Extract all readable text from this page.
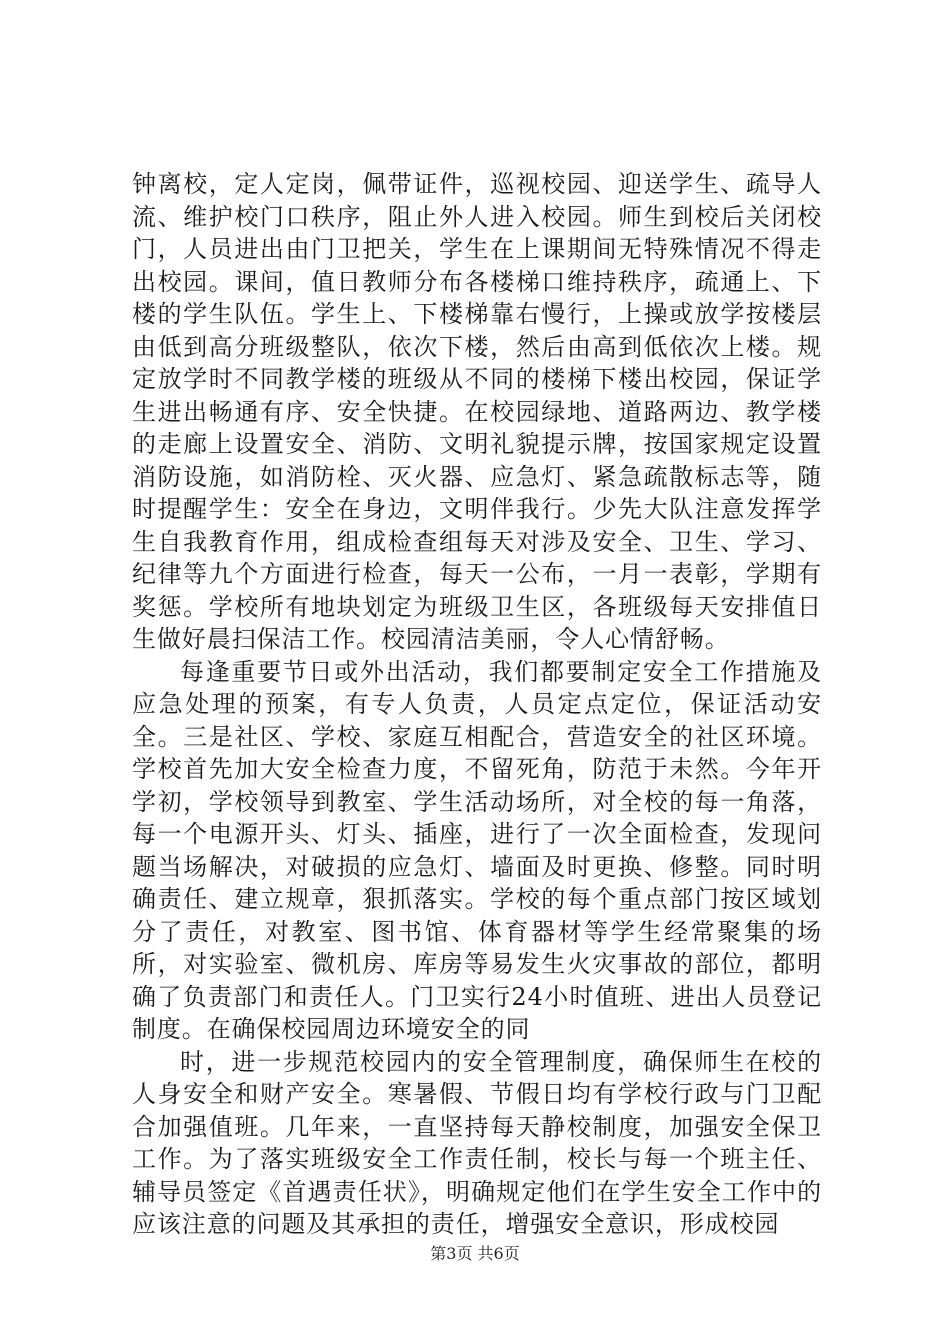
钟离校，定人定岗，佩带证件，巡视校园、迎送学生、疏导人流、维护校门口秩序，阻止外人进入校园。师生到校后关闭校门，人员进出由门卫把关，学生在上课期间无特殊情况不得走出校园。课间，值日教师分布各楼梯口维持秩序，疏通上、下楼的学生队伍。学生上、下楼梯靠右慢行，上操或放学按楼层由低到高分班级整队，依次下楼，然后由高到低依次上楼。规定放学时不同教学楼的班级从不同的楼梯下楼出校园，保证学生进出畅通有序、安全快捷。在校园绿地、道路两边、教学楼的走廊上设置安全、消防、文明礼貌提示牌，按国家规定设置消防设施，如消防栓、灭火器、应急灯、紧急疏散标志等，随时提醒学生：安全在身边，文明伴我行。少先大队注意发挥学生自我教育作用，组成检查组每天对涉及安全、卫生、学习、纪律等九个方面进行检查，每天一公布，一月一表彰，学期有奖惩。学校所有地块划定为班级卫生区，各班级每天安排值日生做好晨扫保洁工作。校园清洁美丽，令人心情舒畅。

每逢重要节日或外出活动，我们都要制定安全工作措施及应急处理的预案，有专人负责，人员定点定位，保证活动安全。三是社区、学校、家庭互相配合，营造安全的社区环境。学校首先加大安全检查力度，不留死角，防范于未然。今年开学初，学校领导到教室、学生活动场所，对全校的每一角落，每一个电源开头、灯头、插座，进行了一次全面检查，发现问题当场解决，对破损的应急灯、墙面及时更换、修整。同时明确责任、建立规章，狠抓落实。学校的每个重点部门按区域划分了责任，对教室、图书馆、体育器材等学生经常聚集的场所，对实验室、微机房、库房等易发生火灾事故的部位，都明确了负责部门和责任人。门卫实行24小时值班、进出人员登记制度。在确保校园周边环境安全的同

时，进一步规范校园内的安全管理制度，确保师生在校的人身安全和财产安全。寒暑假、节假日均有学校行政与门卫配合加强值班。几年来，一直坚持每天静校制度，加强安全保卫工作。为了落实班级安全工作责任制，校长与每一个班主任、辅导员签定《首遇责任状》，明确规定他们在学生安全工作中的应该注意的问题及其承担的责任，增强安全意识，形成校园

第3页 共6页
